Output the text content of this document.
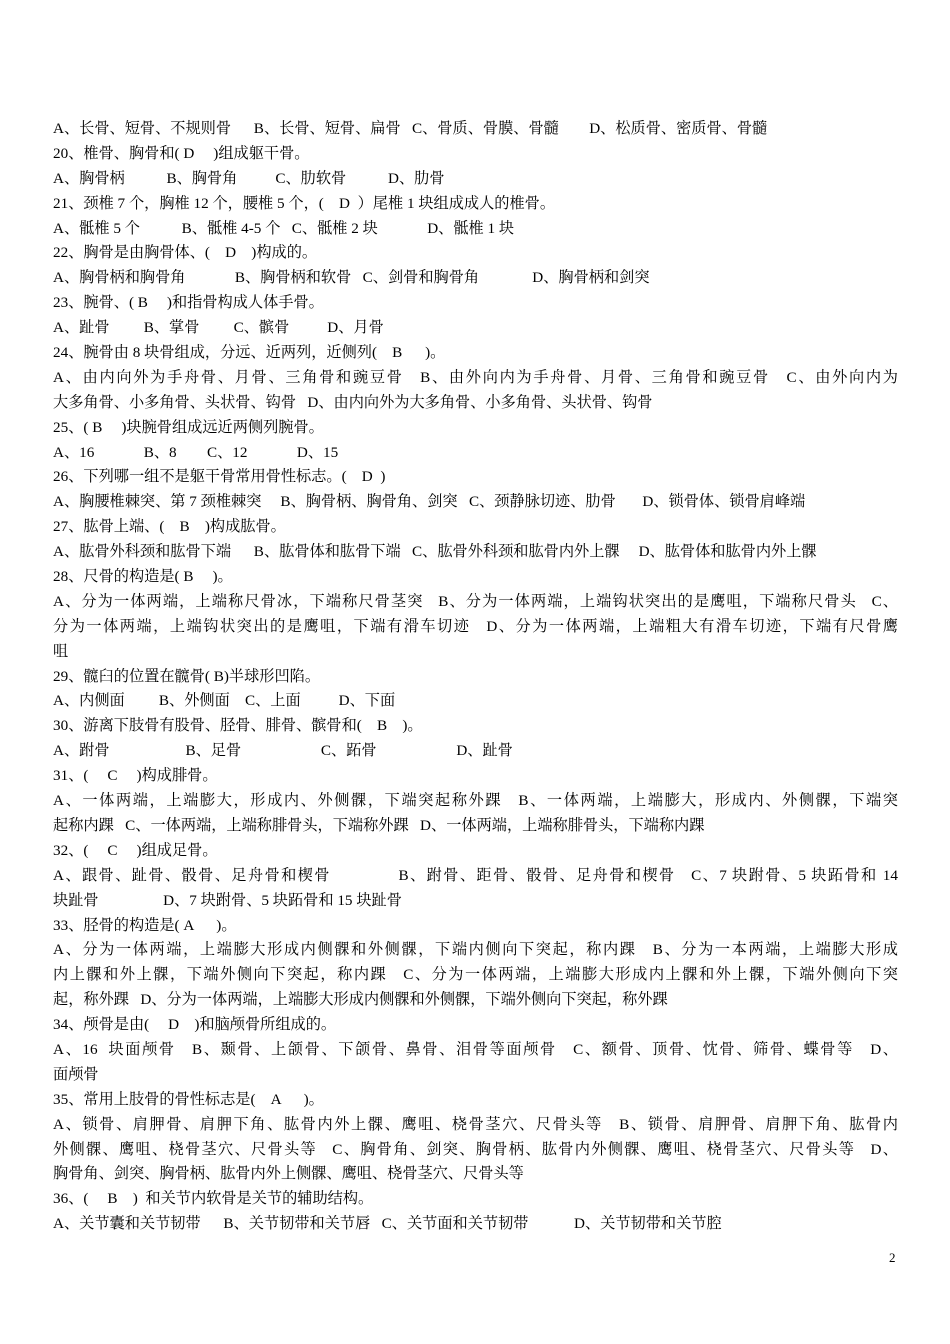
A、长骨、短骨、不规则骨      B、长骨、短骨、扁骨   C、骨质、骨膜、骨髓        D、松质骨、密质骨、骨髓
20、椎骨、胸骨和( D     )组成躯干骨。
A、胸骨柄           B、胸骨角          C、肋软骨           D、肋骨
21、颈椎 7 个，胸椎 12 个，腰椎 5 个，(    D  ）尾椎 1 块组成成人的椎骨。
A、骶椎 5 个           B、骶椎 4-5 个   C、骶椎 2 块             D、骶椎 1 块
22、胸骨是由胸骨体、(    D    )构成的。
A、胸骨柄和胸骨角             B、胸骨柄和软骨   C、剑骨和胸骨角              D、胸骨柄和剑突
23、腕骨、( B     )和指骨构成人体手骨。
A、趾骨         B、掌骨         C、髌骨          D、月骨
24、腕骨由 8 块骨组成，分远、近两列，近侧列(    B      )。
A、由内向外为手舟骨、月骨、三角骨和豌豆骨   B、由外向内为手舟骨、月骨、三角骨和豌豆骨   C、由外向内为
大多角骨、小多角骨、头状骨、钩骨   D、由内向外为大多角骨、小多角骨、头状骨、钩骨
25、( B     )块腕骨组成远近两侧列腕骨。
A、16             B、8        C、12             D、15
26、下列哪一组不是躯干骨常用骨性标志。(    D  )
A、胸腰椎棘突、第 7 颈椎棘突     B、胸骨柄、胸骨角、剑突   C、颈静脉切迹、肋骨       D、锁骨体、锁骨肩峰端
27、肱骨上端、(    B    )构成肱骨。
A、肱骨外科颈和肱骨下端      B、肱骨体和肱骨下端   C、肱骨外科颈和肱骨内外上髁     D、肱骨体和肱骨内外上髁
28、尺骨的构造是( B     )。
A、分为一体两端，上端称尺骨冰，下端称尺骨茎突   B、分为一体两端，上端钩状突出的是鹰咀，下端称尺骨头   C、
分为一体两端，上端钩状突出的是鹰咀，下端有滑车切迹   D、分为一体两端，上端粗大有滑车切迹，下端有尺骨鹰
咀
29、髋臼的位置在髋骨( B)半球形凹陷。
A、内侧面         B、外侧面    C、上面          D、下面
30、游离下肢骨有股骨、胫骨、腓骨、髌骨和(    B    )。
A、跗骨                    B、足骨                     C、跖骨                     D、趾骨
31、(     C     )构成腓骨。
A、一体两端，上端膨大，形成内、外侧髁，下端突起称外踝   B、一体两端，上端膨大，形成内、外侧髁，下端突
起称内踝   C、一体两端，上端称腓骨头，下端称外踝   D、一体两端，上端称腓骨头，下端称内踝
32、(     C     )组成足骨。
A、跟骨、趾骨、骰骨、足舟骨和楔骨             B、跗骨、距骨、骰骨、足舟骨和楔骨   C、7 块跗骨、5 块跖骨和 14
块趾骨                 D、7 块跗骨、5 块跖骨和 15 块趾骨
33、胫骨的构造是( A      )。
A、分为一体两端，上端膨大形成内侧髁和外侧髁，下端内侧向下突起，称内踝   B、分为一本两端，上端膨大形成
内上髁和外上髁，下端外侧向下突起，称内踝   C、分为一体两端，上端膨大形成内上髁和外上髁，下端外侧向下突
起，称外踝   D、分为一体两端，上端膨大形成内侧髁和外侧髁，下端外侧向下突起，称外踝
34、颅骨是由(     D    )和脑颅骨所组成的。
A、16  块面颅骨   B、颞骨、上颌骨、下颌骨、鼻骨、泪骨等面颅骨   C、额骨、顶骨、忱骨、筛骨、蝶骨等   D、
面颅骨
35、常用上肢骨的骨性标志是(    A      )。
A、锁骨、肩胛骨、肩胛下角、肱骨内外上髁、鹰咀、桡骨茎穴、尺骨头等   B、锁骨、肩胛骨、肩胛下角、肱骨内
外侧髁、鹰咀、桡骨茎穴、尺骨头等   C、胸骨角、剑突、胸骨柄、肱骨内外侧髁、鹰咀、桡骨茎穴、尺骨头等   D、
胸骨角、剑突、胸骨柄、肱骨内外上侧髁、鹰咀、桡骨茎穴、尺骨头等
36、(     B    )  和关节内软骨是关节的辅助结构。
A、关节囊和关节韧带      B、关节韧带和关节唇   C、关节面和关节韧带            D、关节韧带和关节腔
2
